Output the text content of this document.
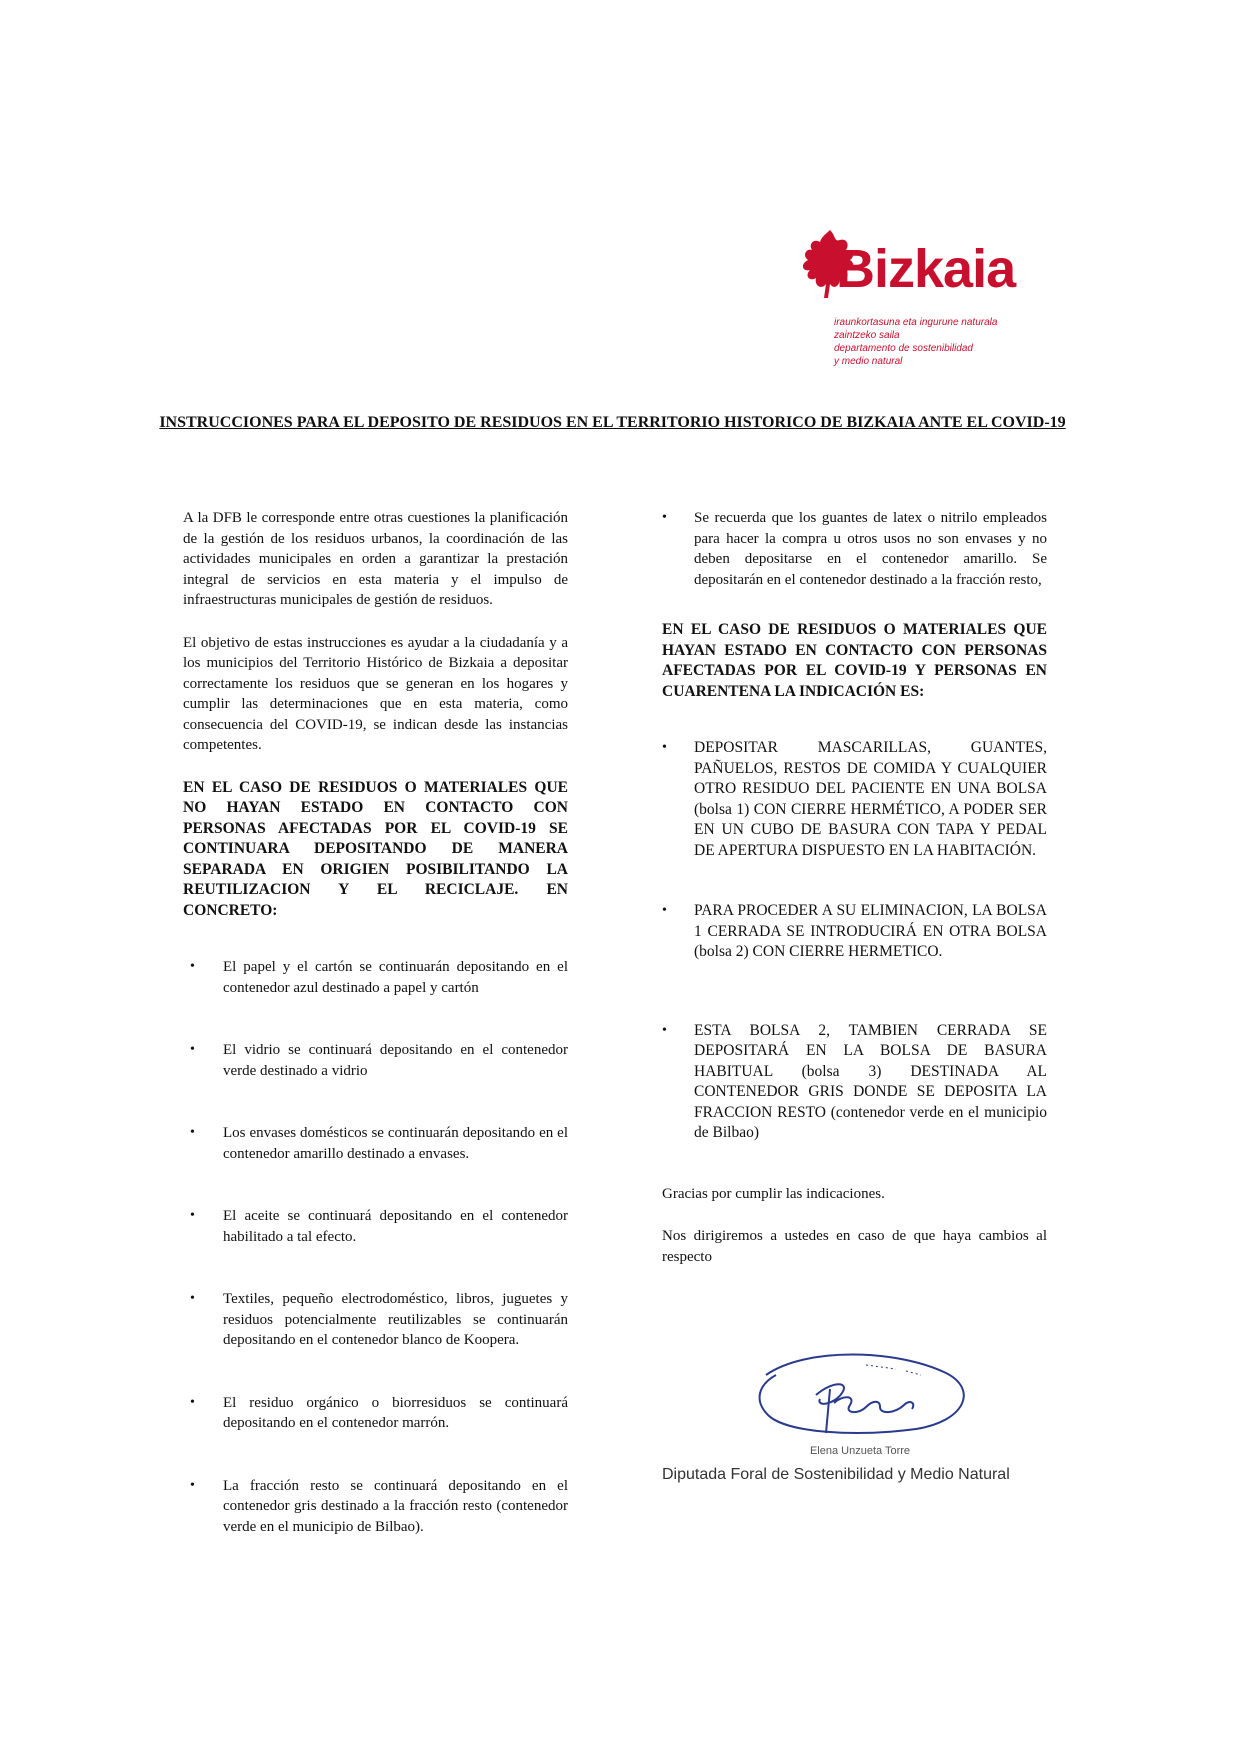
Bizkaia
iraunkortasuna eta ingurune naturala
zaintzeko saila
departamento de sostenibilidad
y medio natural
INSTRUCCIONES PARA EL DEPOSITO DE RESIDUOS EN EL TERRITORIO HISTORICO DE BIZKAIA ANTE EL COVID-19

A la DFB le corresponde entre otras cuestiones la planificación de la gestión de los residuos urbanos, la coordinación de las actividades municipales en orden a garantizar la prestación integral de servicios en esta materia y el impulso de infraestructuras municipales de gestión de residuos.

El objetivo de estas instrucciones es ayudar a la ciudadanía y a los municipios del Territorio Histórico de Bizkaia a depositar correctamente los residuos que se generan en los hogares y cumplir las determinaciones que en esta materia, como consecuencia del COVID-19, se indican desde las instancias competentes.

EN EL CASO DE RESIDUOS O MATERIALES QUE NO HAYAN ESTADO EN CONTACTO CON PERSONAS AFECTADAS POR EL COVID-19 SE CONTINUARA DEPOSITANDO DE MANERA SEPARADA EN ORIGIEN POSIBILITANDO LA REUTILIZACION Y EL RECICLAJE. EN CONCRETO:

• El papel y el cartón se continuarán depositando en el contenedor azul destinado a papel y cartón
• El vidrio se continuará depositando en el contenedor verde destinado a vidrio
• Los envases domésticos se continuarán depositando en el contenedor amarillo destinado a envases.
• El aceite se continuará depositando en el contenedor habilitado a tal efecto.
• Textiles, pequeño electrodoméstico, libros, juguetes y residuos potencialmente reutilizables se continuarán depositando en el contenedor blanco de Koopera.
• El residuo orgánico o biorresiduos se continuará depositando en el contenedor marrón.
• La fracción resto se continuará depositando en el contenedor gris destinado a la fracción resto (contenedor verde en el municipio de Bilbao).
• Se recuerda que los guantes de latex o nitrilo empleados para hacer la compra u otros usos no son envases y no deben depositarse en el contenedor amarillo. Se depositarán en el contenedor destinado a la fracción resto,

EN EL CASO DE RESIDUOS O MATERIALES QUE HAYAN ESTADO EN CONTACTO CON PERSONAS AFECTADAS POR EL COVID-19 Y PERSONAS EN CUARENTENA LA INDICACIÓN ES:

• DEPOSITAR MASCARILLAS, GUANTES, PAÑUELOS, RESTOS DE COMIDA Y CUALQUIER OTRO RESIDUO DEL PACIENTE EN UNA BOLSA (bolsa 1) CON CIERRE HERMÉTICO, A PODER SER EN UN CUBO DE BASURA CON TAPA Y PEDAL DE APERTURA DISPUESTO EN LA HABITACIÓN.
• PARA PROCEDER A SU ELIMINACION, LA BOLSA 1 CERRADA SE INTRODUCIRÁ EN OTRA BOLSA (bolsa 2) CON CIERRE HERMETICO.
• ESTA BOLSA 2, TAMBIEN CERRADA SE DEPOSITARÁ EN LA BOLSA DE BASURA HABITUAL (bolsa 3) DESTINADA AL CONTENEDOR GRIS DONDE SE DEPOSITA LA FRACCION RESTO (contenedor verde en el municipio de Bilbao)

Gracias por cumplir las indicaciones.

Nos dirigiremos a ustedes en caso de que haya cambios al respecto

Elena Unzueta Torre
Diputada Foral de Sostenibilidad y Medio Natural
